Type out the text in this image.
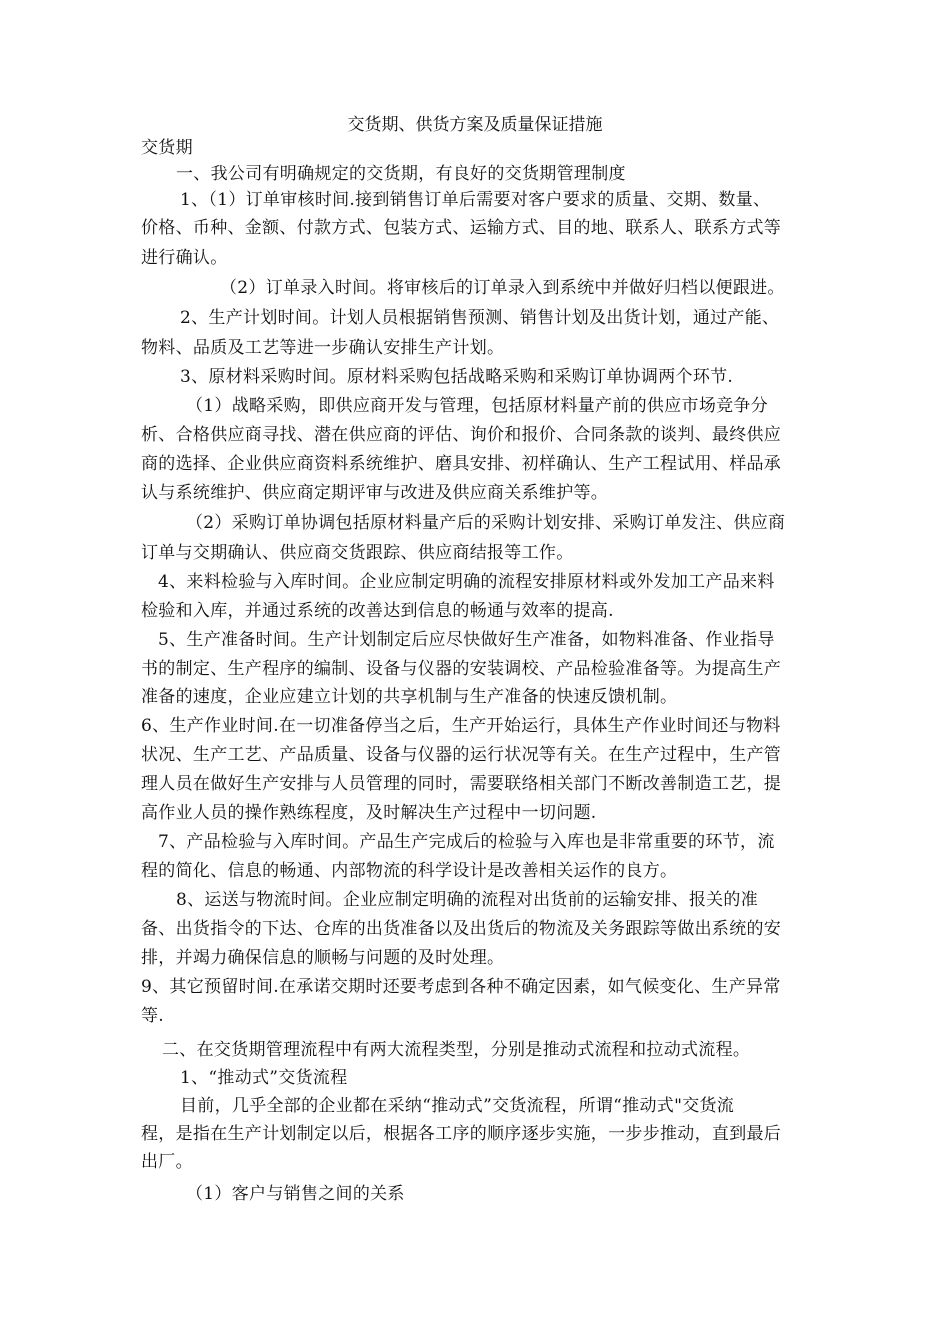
交货期、供货方案及质量保证措施
交货期
一、我公司有明确规定的交货期，有良好的交货期管理制度
1、（1）订单审核时间.接到销售订单后需要对客户要求的质量、交期、数量、
价格、币种、金额、付款方式、包装方式、运输方式、目的地、联系人、联系方式等
进行确认。
（2）订单录入时间。将审核后的订单录入到系统中并做好归档以便跟进。
2、生产计划时间。计划人员根据销售预测、销售计划及出货计划，通过产能、
物料、品质及工艺等进一步确认安排生产计划。
3、原材料采购时间。原材料采购包括战略采购和采购订单协调两个环节.
（1）战略采购，即供应商开发与管理，包括原材料量产前的供应市场竞争分
析、合格供应商寻找、潜在供应商的评估、询价和报价、合同条款的谈判、最终供应
商的选择、企业供应商资料系统维护、磨具安排、初样确认、生产工程试用、样品承
认与系统维护、供应商定期评审与改进及供应商关系维护等。
（2）采购订单协调包括原材料量产后的采购计划安排、采购订单发注、供应商
订单与交期确认、供应商交货跟踪、供应商结报等工作。
4、来料检验与入库时间。企业应制定明确的流程安排原材料或外发加工产品来料
检验和入库，并通过系统的改善达到信息的畅通与效率的提高.
5、生产准备时间。生产计划制定后应尽快做好生产准备，如物料准备、作业指导
书的制定、生产程序的编制、设备与仪器的安装调校、产品检验准备等。为提高生产
准备的速度，企业应建立计划的共享机制与生产准备的快速反馈机制。
6、生产作业时间.在一切准备停当之后，生产开始运行，具体生产作业时间还与物料
状况、生产工艺、产品质量、设备与仪器的运行状况等有关。在生产过程中，生产管
理人员在做好生产安排与人员管理的同时，需要联络相关部门不断改善制造工艺，提
高作业人员的操作熟练程度，及时解决生产过程中一切问题.
7、产品检验与入库时间。产品生产完成后的检验与入库也是非常重要的环节，流
程的简化、信息的畅通、内部物流的科学设计是改善相关运作的良方。
8、运送与物流时间。企业应制定明确的流程对出货前的运输安排、报关的准
备、出货指令的下达、仓库的出货准备以及出货后的物流及关务跟踪等做出系统的安
排，并竭力确保信息的顺畅与问题的及时处理。
9、其它预留时间.在承诺交期时还要考虑到各种不确定因素，如气候变化、生产异常
等.
二、在交货期管理流程中有两大流程类型，分别是推动式流程和拉动式流程。
1、“推动式”交货流程
目前，几乎全部的企业都在采纳“推动式”交货流程，所谓“推动式"交货流
程，是指在生产计划制定以后，根据各工序的顺序逐步实施，一步步推动，直到最后
出厂。
（1）客户与销售之间的关系
